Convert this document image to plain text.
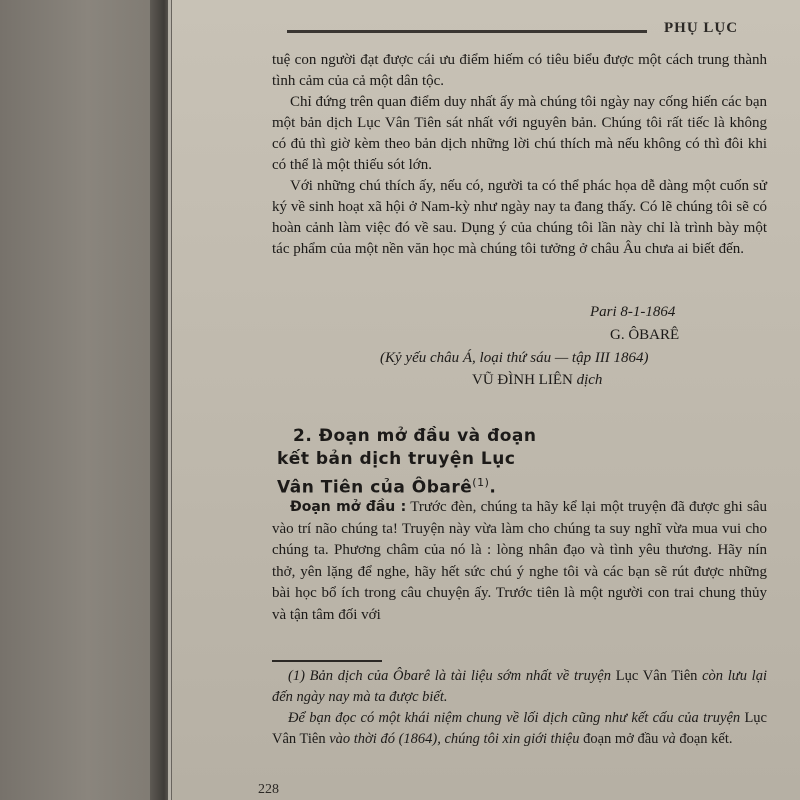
PHỤ LỤC

tuệ con người đạt được cái ưu điểm hiếm có tiêu biểu được một cách trung thành tình cảm của cả một dân tộc.

Chỉ đứng trên quan điểm duy nhất ấy mà chúng tôi ngày nay cống hiến các bạn một bản dịch Lục Vân Tiên sát nhất với nguyên bản. Chúng tôi rất tiếc là không có đủ thì giờ kèm theo bản dịch những lời chú thích mà nếu không có thì đôi khi có thể là một thiếu sót lớn.

Với những chú thích ấy, nếu có, người ta có thể phác họa dễ dàng một cuốn sử ký về sinh hoạt xã hội ở Nam-kỳ như ngày nay ta đang thấy. Có lẽ chúng tôi sẽ có hoàn cảnh làm việc đó về sau. Dụng ý của chúng tôi lần này chỉ là trình bày một tác phẩm của một nền văn học mà chúng tôi tưởng ở châu Âu chưa ai biết đến.

Pari 8-1-1864
G. ÔBARÊ
(Kỷ yếu châu Á, loại thứ sáu — tập III 1864)
VŨ ĐÌNH LIÊN dịch
2. Đoạn mở đầu và đoạn
kết bản dịch truyện Lục
Vân Tiên của Ôbarê$^{(1)}$.
Đoạn mở đầu : Trước đèn, chúng ta hãy kể lại một truyện đã được ghi sâu vào trí não chúng ta! Truyện này vừa làm cho chúng ta suy nghĩ vừa mua vui cho chúng ta. Phương châm của nó là : lòng nhân đạo và tình yêu thương. Hãy nín thở, yên lặng để nghe, hãy hết sức chú ý nghe tôi và các bạn sẽ rút được những bài học bổ ích trong câu chuyện ấy. Trước tiên là một người con trai chung thủy và tận tâm đối với

(1) Bản dịch của Ôbarê là tài liệu sớm nhất về truyện Lục Vân Tiên còn lưu lại đến ngày nay mà ta được biết.

Để bạn đọc có một khái niệm chung về lối dịch cũng như kết cấu của truyện Lục Vân Tiên vào thời đó (1864), chúng tôi xin giới thiệu đoạn mở đầu và đoạn kết.

228
